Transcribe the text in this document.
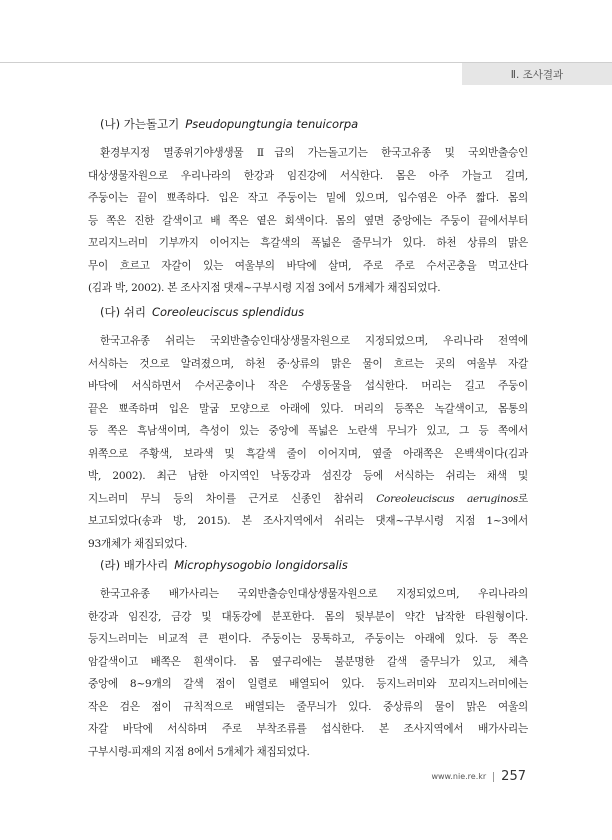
Ⅱ. 조사결과
(나) 가는돌고기 Pseudopungtungia tenuicorpa
환경부지정 멸종위기야생생물 Ⅱ급의 가는돌고기는 한국고유종 및 국외반출승인
대상생물자원으로 우리나라의 한강과 임진강에 서식한다. 몸은 아주 가늘고 길며,
주둥이는 끝이 뾰족하다. 입은 작고 주둥이는 밑에 있으며, 입수염은 아주 짧다. 몸의
등 쪽은 진한 갈색이고 배 쪽은 옅은 회색이다. 몸의 옆면 중앙에는 주둥이 끝에서부터
꼬리지느러미 기부까지 이어지는 흑갈색의 폭넓은 줄무늬가 있다. 하천 상류의 맑은
무이 흐르고 자갈이 있는 여울부의 바닥에 살며, 주로 주로 수서곤충을 먹고산다
(김과 박, 2002). 본 조사지점 댓재~구부시령 지점 3에서 5개체가 채집되었다.
(다) 쉬리 Coreoleuciscus splendidus
한국고유종 쉬리는 국외반출승인대상생물자원으로 지정되었으며, 우리나라 전역에
서식하는 것으로 알려졌으며, 하천 중·상류의 맑은 물이 흐르는 곳의 여울부 자갈
바닥에 서식하면서 수서곤충이나 작은 수생동물을 섭식한다. 머리는 길고 주둥이
끝은 뾰족하며 입은 말굽 모양으로 아래에 있다. 머리의 등쪽은 녹갈색이고, 몸통의
등 쪽은 흑남색이며, 측성이 있는 중앙에 폭넓은 노란색 무늬가 있고, 그 등 쪽에서
위쪽으로 주황색, 보라색 및 흑갈색 줄이 이어지며, 옆줄 아래쪽은 은백색이다(김과
박, 2002). 최근 남한 아지역인 낙동강과 섬진강 등에 서식하는 쉬리는 채색 및
지느러미 무늬 등의 차이를 근거로 신종인 참쉬리 Coreoleuciscus aeruginos로
보고되었다(송과 방, 2015). 본 조사지역에서 쉬리는 댓재~구부시령 지점 1~3에서
93개체가 채집되었다.
(라) 배가사리 Microphysogobio longidorsalis
한국고유종 배가사리는 국외반출승인대상생물자원으로 지정되었으며, 우리나라의
한강과 임진강, 금강 및 대동강에 분포한다. 몸의 뒷부분이 약간 납작한 타원형이다.
등지느러미는 비교적 큰 편이다. 주둥이는 뭉툭하고, 주둥이는 아래에 있다. 등 쪽은
암갈색이고 배쪽은 흰색이다. 몸 옆구리에는 불분명한 갈색 줄무늬가 있고, 체측
중앙에 8~9개의 갈색 점이 일렬로 배열되어 있다. 등지느러미와 꼬리지느러미에는
작은 검은 점이 규칙적으로 배열되는 줄무늬가 있다. 중상류의 물이 맑은 여울의
자갈 바닥에 서식하며 주로 부착조류를 섭식한다. 본 조사지역에서 배가사리는
구부시령-피재의 지점 8에서 5개체가 채집되었다.
www.nie.re.kr 257
